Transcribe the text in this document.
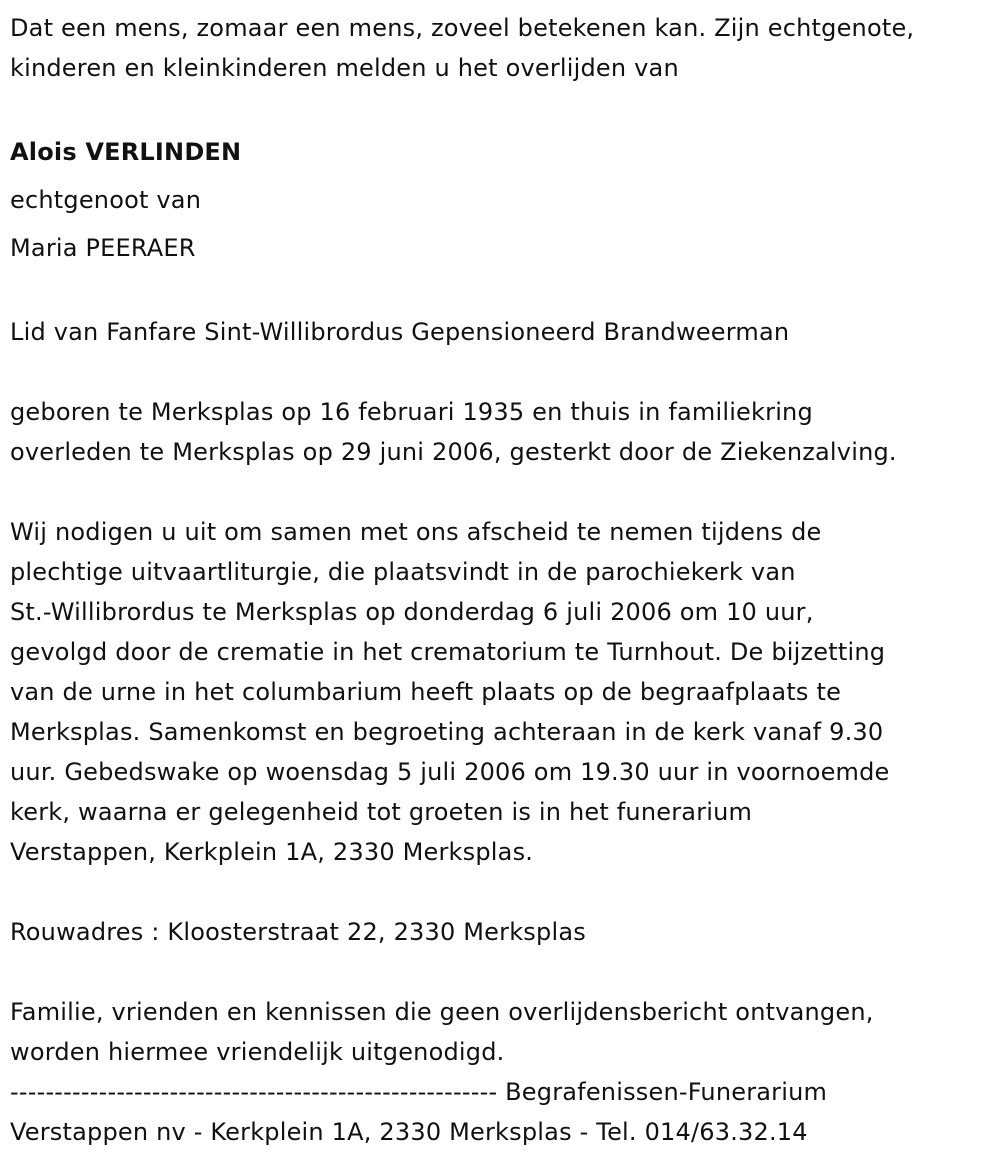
Dat een mens, zomaar een mens, zoveel betekenen kan. Zijn echtgenote,
kinderen en kleinkinderen melden u het overlijden van

Alois VERLINDEN
echtgenoot van
Maria PEERAER

Lid van Fanfare Sint-Willibrordus Gepensioneerd Brandweerman

geboren te Merksplas op 16 februari 1935 en thuis in familiekring
overleden te Merksplas op 29 juni 2006, gesterkt door de Ziekenzalving.

Wij nodigen u uit om samen met ons afscheid te nemen tijdens de
plechtige uitvaartliturgie, die plaatsvindt in de parochiekerk van
St.-Willibrordus te Merksplas op donderdag 6 juli 2006 om 10 uur,
gevolgd door de crematie in het crematorium te Turnhout. De bijzetting
van de urne in het columbarium heeft plaats op de begraafplaats te
Merksplas. Samenkomst en begroeting achteraan in de kerk vanaf 9.30
uur. Gebedswake op woensdag 5 juli 2006 om 19.30 uur in voornoemde
kerk, waarna er gelegenheid tot groeten is in het funerarium
Verstappen, Kerkplein 1A, 2330 Merksplas.

Rouwadres : Kloosterstraat 22, 2330 Merksplas

Familie, vrienden en kennissen die geen overlijdensbericht ontvangen,
worden hiermee vriendelijk uitgenodigd.

------------------------------------------------------- Begrafenissen-Funerarium
Verstappen nv - Kerkplein 1A, 2330 Merksplas - Tel. 014/63.32.14
